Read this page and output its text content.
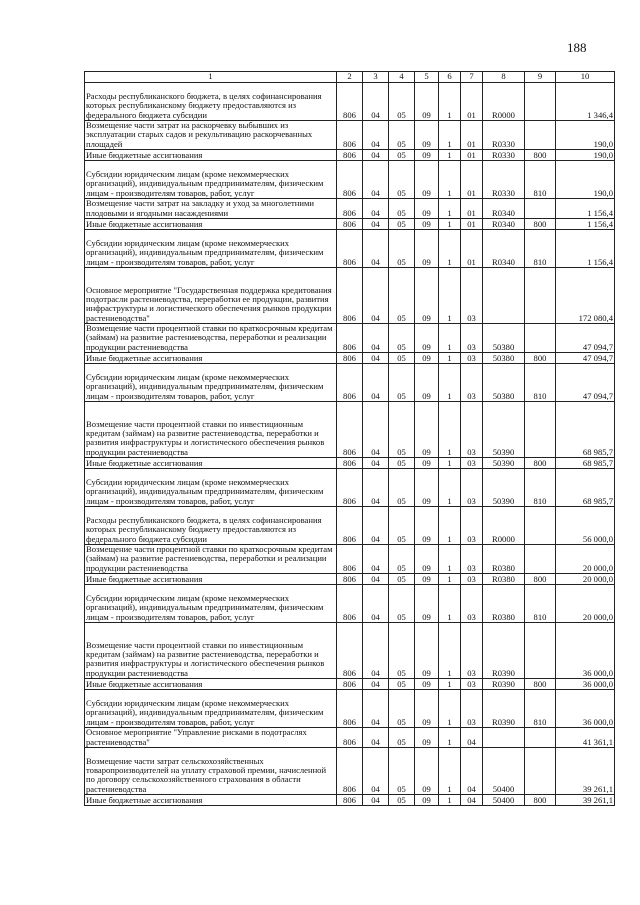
188
1	2	3	4	5	6	7	8	9	10
Расходы республиканского бюджета, в целях софинансирования которых республиканскому бюджету предоставляются из федерального бюджета субсидии	806	04	05	09	1	01	R0000		1 346,4
Возмещение части затрат на раскорчевку выбывших из эксплуатации старых садов и рекультивацию раскорчеванных площадей	806	04	05	09	1	01	R0330		190,0
Иные бюджетные ассигнования	806	04	05	09	1	01	R0330	800	190,0
Субсидии юридическим лицам (кроме некоммерческих организаций), индивидуальным предпринимателям, физическим лицам - производителям товаров, работ, услуг	806	04	05	09	1	01	R0330	810	190,0
Возмещение части затрат на закладку и уход за многолетними плодовыми и ягодными насаждениями	806	04	05	09	1	01	R0340		1 156,4
Иные бюджетные ассигнования	806	04	05	09	1	01	R0340	800	1 156,4
Субсидии юридическим лицам (кроме некоммерческих организаций), индивидуальным предпринимателям, физическим лицам - производителям товаров, работ, услуг	806	04	05	09	1	01	R0340	810	1 156,4
Основное мероприятие "Государственная поддержка кредитования подотрасли растениеводства, переработки ее продукции, развития инфраструктуры и логистического обеспечения рынков продукции растениеводства"	806	04	05	09	1	03			172 080,4
Возмещение части процентной ставки по краткосрочным кредитам (займам) на развитие растениеводства, переработки и реализации продукции растениеводства	806	04	05	09	1	03	50380		47 094,7
Иные бюджетные ассигнования	806	04	05	09	1	03	50380	800	47 094,7
Субсидии юридическим лицам (кроме некоммерческих организаций), индивидуальным предпринимателям, физическим лицам - производителям товаров, работ, услуг	806	04	05	09	1	03	50380	810	47 094,7
Возмещение части процентной ставки по инвестиционным кредитам (займам) на развитие растениеводства, переработки и развития инфраструктуры и логистического обеспечения рынков продукции растениеводства	806	04	05	09	1	03	50390		68 985,7
Иные бюджетные ассигнования	806	04	05	09	1	03	50390	800	68 985,7
Субсидии юридическим лицам (кроме некоммерческих организаций), индивидуальным предпринимателям, физическим лицам - производителям товаров, работ, услуг	806	04	05	09	1	03	50390	810	68 985,7
Расходы республиканского бюджета, в целях софинансирования которых республиканскому бюджету предоставляются из федерального бюджета субсидии	806	04	05	09	1	03	R0000		56 000,0
Возмещение части процентной ставки по краткосрочным кредитам (займам) на развитие растениеводства, переработки и реализации продукции растениеводства	806	04	05	09	1	03	R0380		20 000,0
Иные бюджетные ассигнования	806	04	05	09	1	03	R0380	800	20 000,0
Субсидии юридическим лицам (кроме некоммерческих организаций), индивидуальным предпринимателям, физическим лицам - производителям товаров, работ, услуг	806	04	05	09	1	03	R0380	810	20 000,0
Возмещение части процентной ставки по инвестиционным кредитам (займам) на развитие растениеводства, переработки и развития инфраструктуры и логистического обеспечения рынков продукции растениеводства	806	04	05	09	1	03	R0390		36 000,0
Иные бюджетные ассигнования	806	04	05	09	1	03	R0390	800	36 000,0
Субсидии юридическим лицам (кроме некоммерческих организаций), индивидуальным предпринимателям, физическим лицам - производителям товаров, работ, услуг	806	04	05	09	1	03	R0390	810	36 000,0
Основное мероприятие "Управление рисками в подотраслях растениеводства"	806	04	05	09	1	04			41 361,1
Возмещение части затрат сельскохозяйственных товаропроизводителей на уплату страховой премии, начисленной по договору сельскохозяйственного страхования в области растениеводства	806	04	05	09	1	04	50400		39 261,1
Иные бюджетные ассигнования	806	04	05	09	1	04	50400	800	39 261,1
